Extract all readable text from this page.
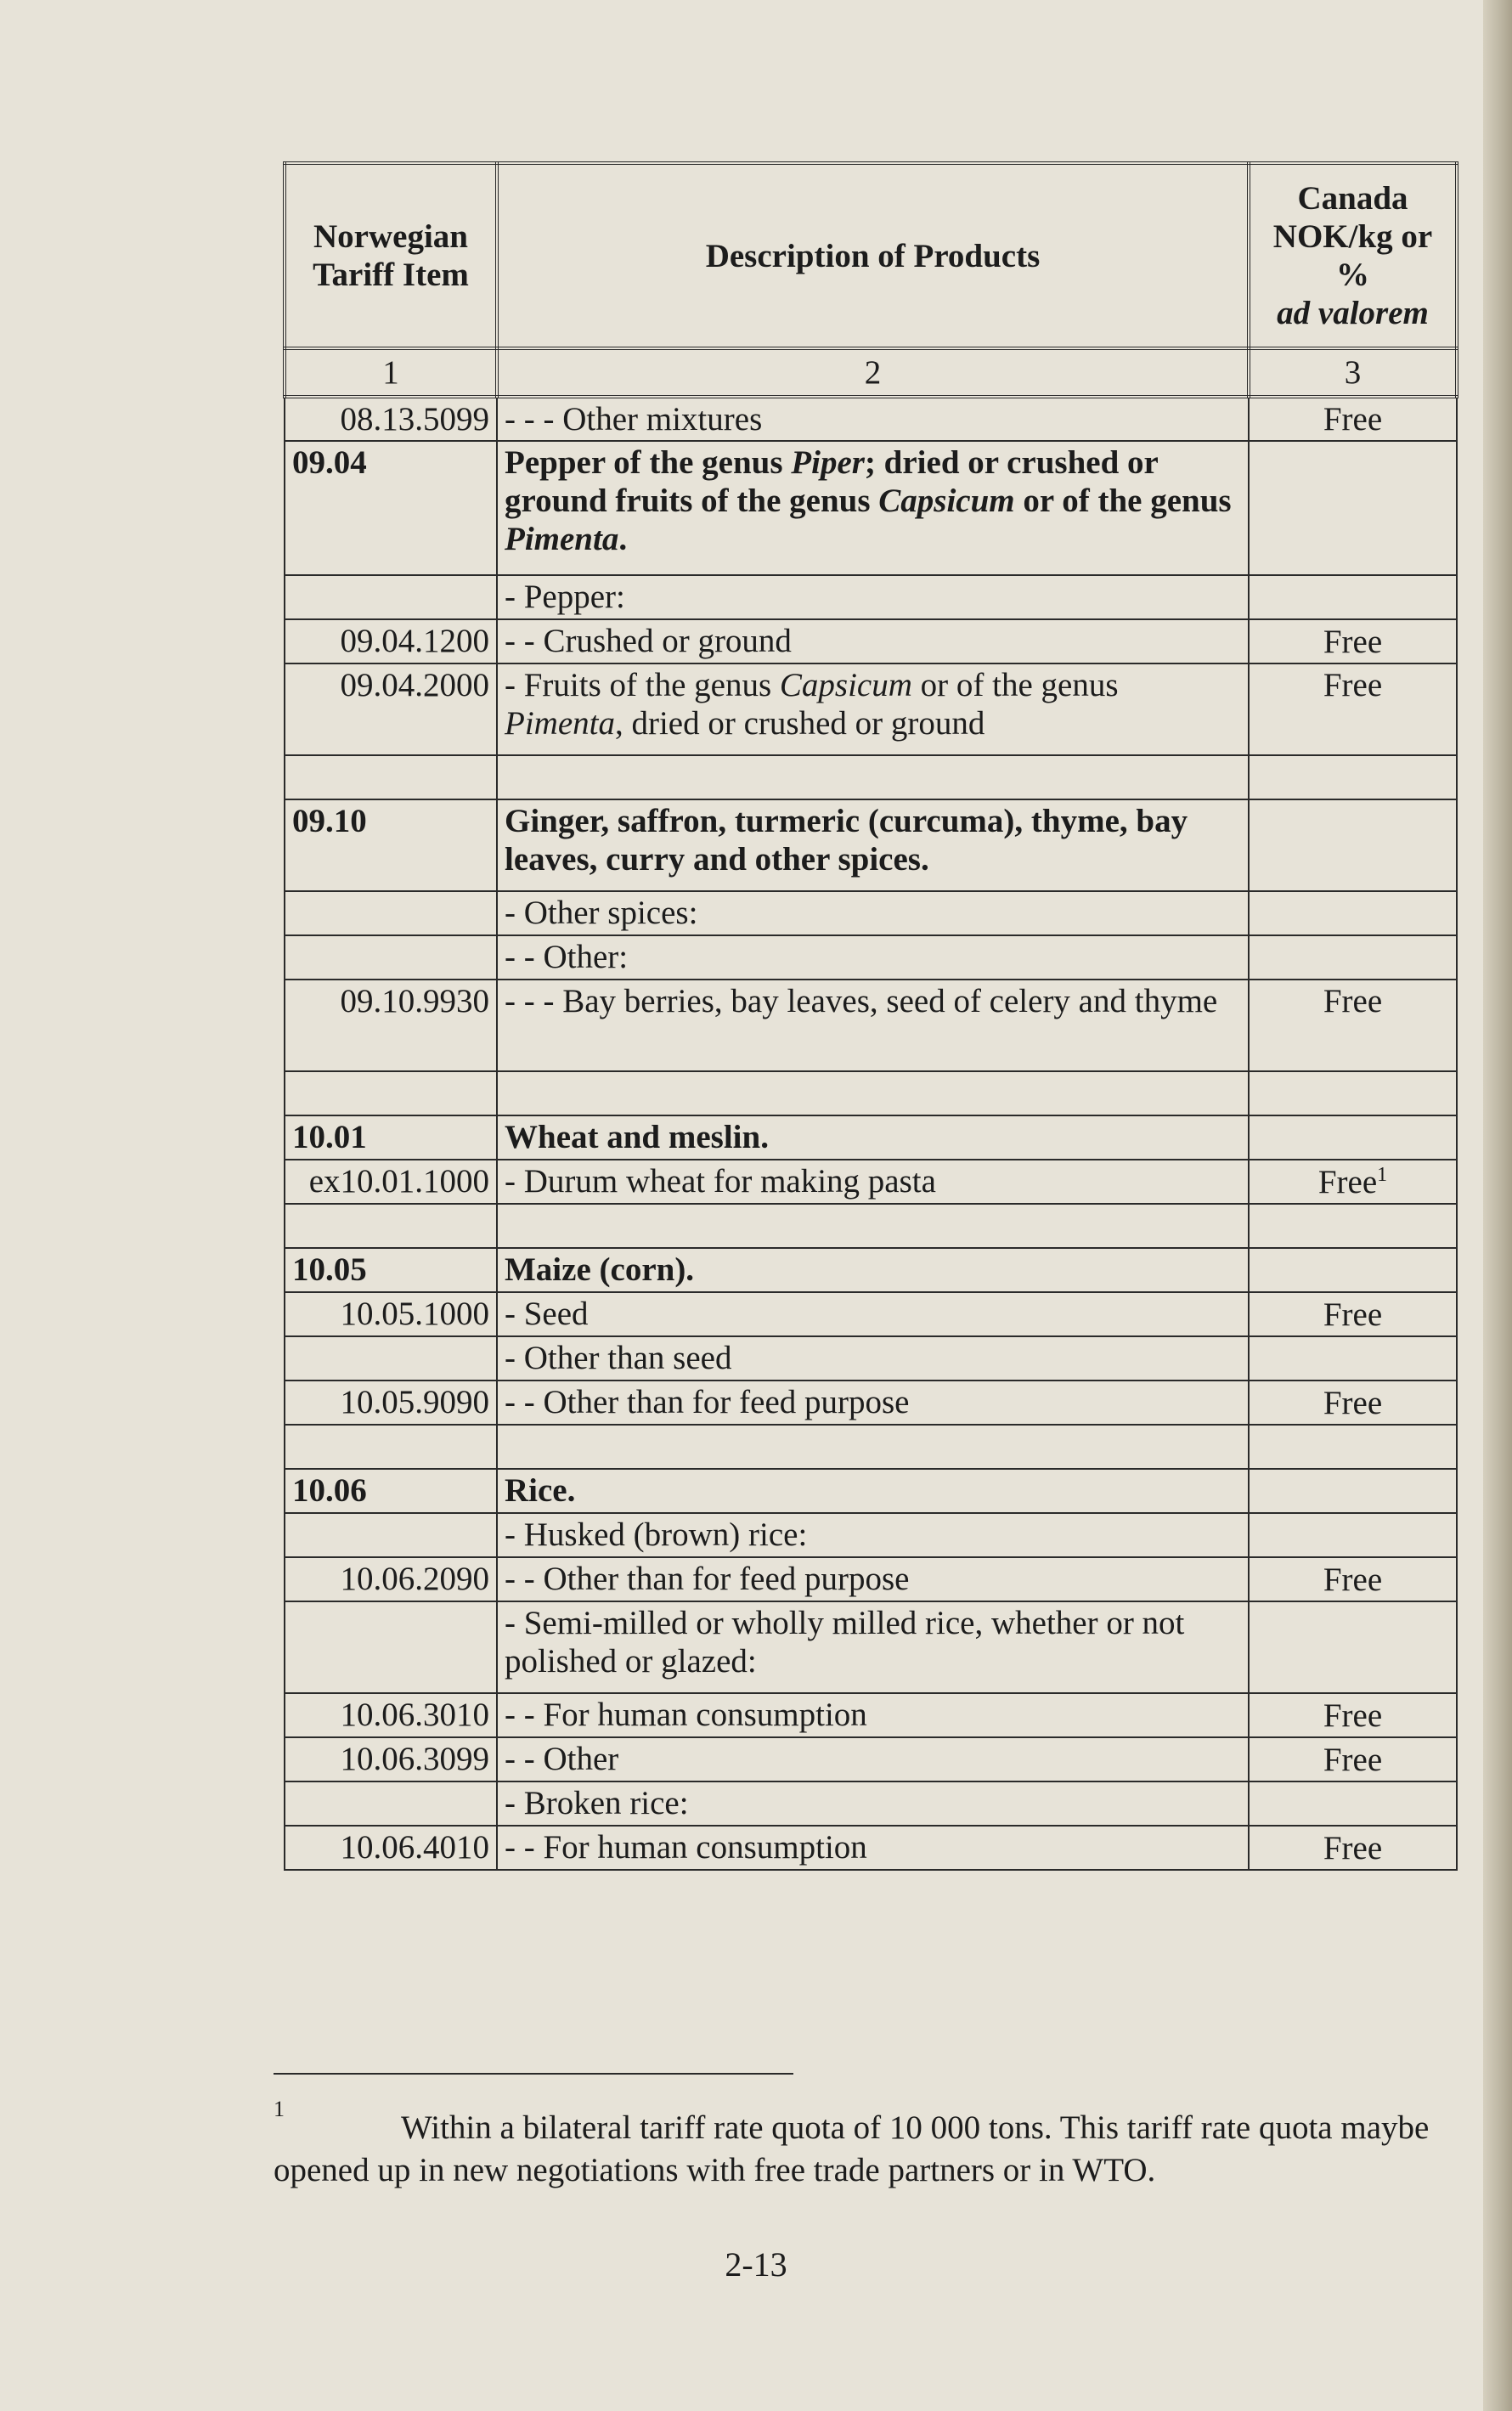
Norwegian Tariff Item	Description of Products	Canada NOK/kg or %
ad valorem
1	2	3
08.13.5099	- - - Other mixtures	Free
09.04	Pepper of the genus Piper; dried or crushed or ground fruits of the genus Capsicum or of the genus Pimenta.	
	- Pepper:	
09.04.1200	- - Crushed or ground	Free
09.04.2000	- Fruits of the genus Capsicum or of the genus Pimenta, dried or crushed or ground	Free

09.10	Ginger, saffron, turmeric (curcuma), thyme, bay leaves, curry and other spices.	
	- Other spices:	
	- - Other:	
09.10.9930	- - - Bay berries, bay leaves, seed of celery and thyme	Free

10.01	Wheat and meslin.	
ex10.01.1000	- Durum wheat for making pasta	Free$^1$

10.05	Maize (corn).	
10.05.1000	- Seed	Free
	- Other than seed	
10.05.9090	- - Other than for feed purpose	Free

10.06	Rice.	
	- Husked (brown) rice:	
10.06.2090	- - Other than for feed purpose	Free
	- Semi-milled or wholly milled rice, whether or not polished or glazed:	
10.06.3010	- - For human consumption	Free
10.06.3099	- - Other	Free
	- Broken rice:	
10.06.4010	- - For human consumption	Free
1

Within a bilateral tariff rate quota of 10 000 tons. This tariff rate quota maybe opened up in new negotiations with free trade partners or in WTO.

2-13
